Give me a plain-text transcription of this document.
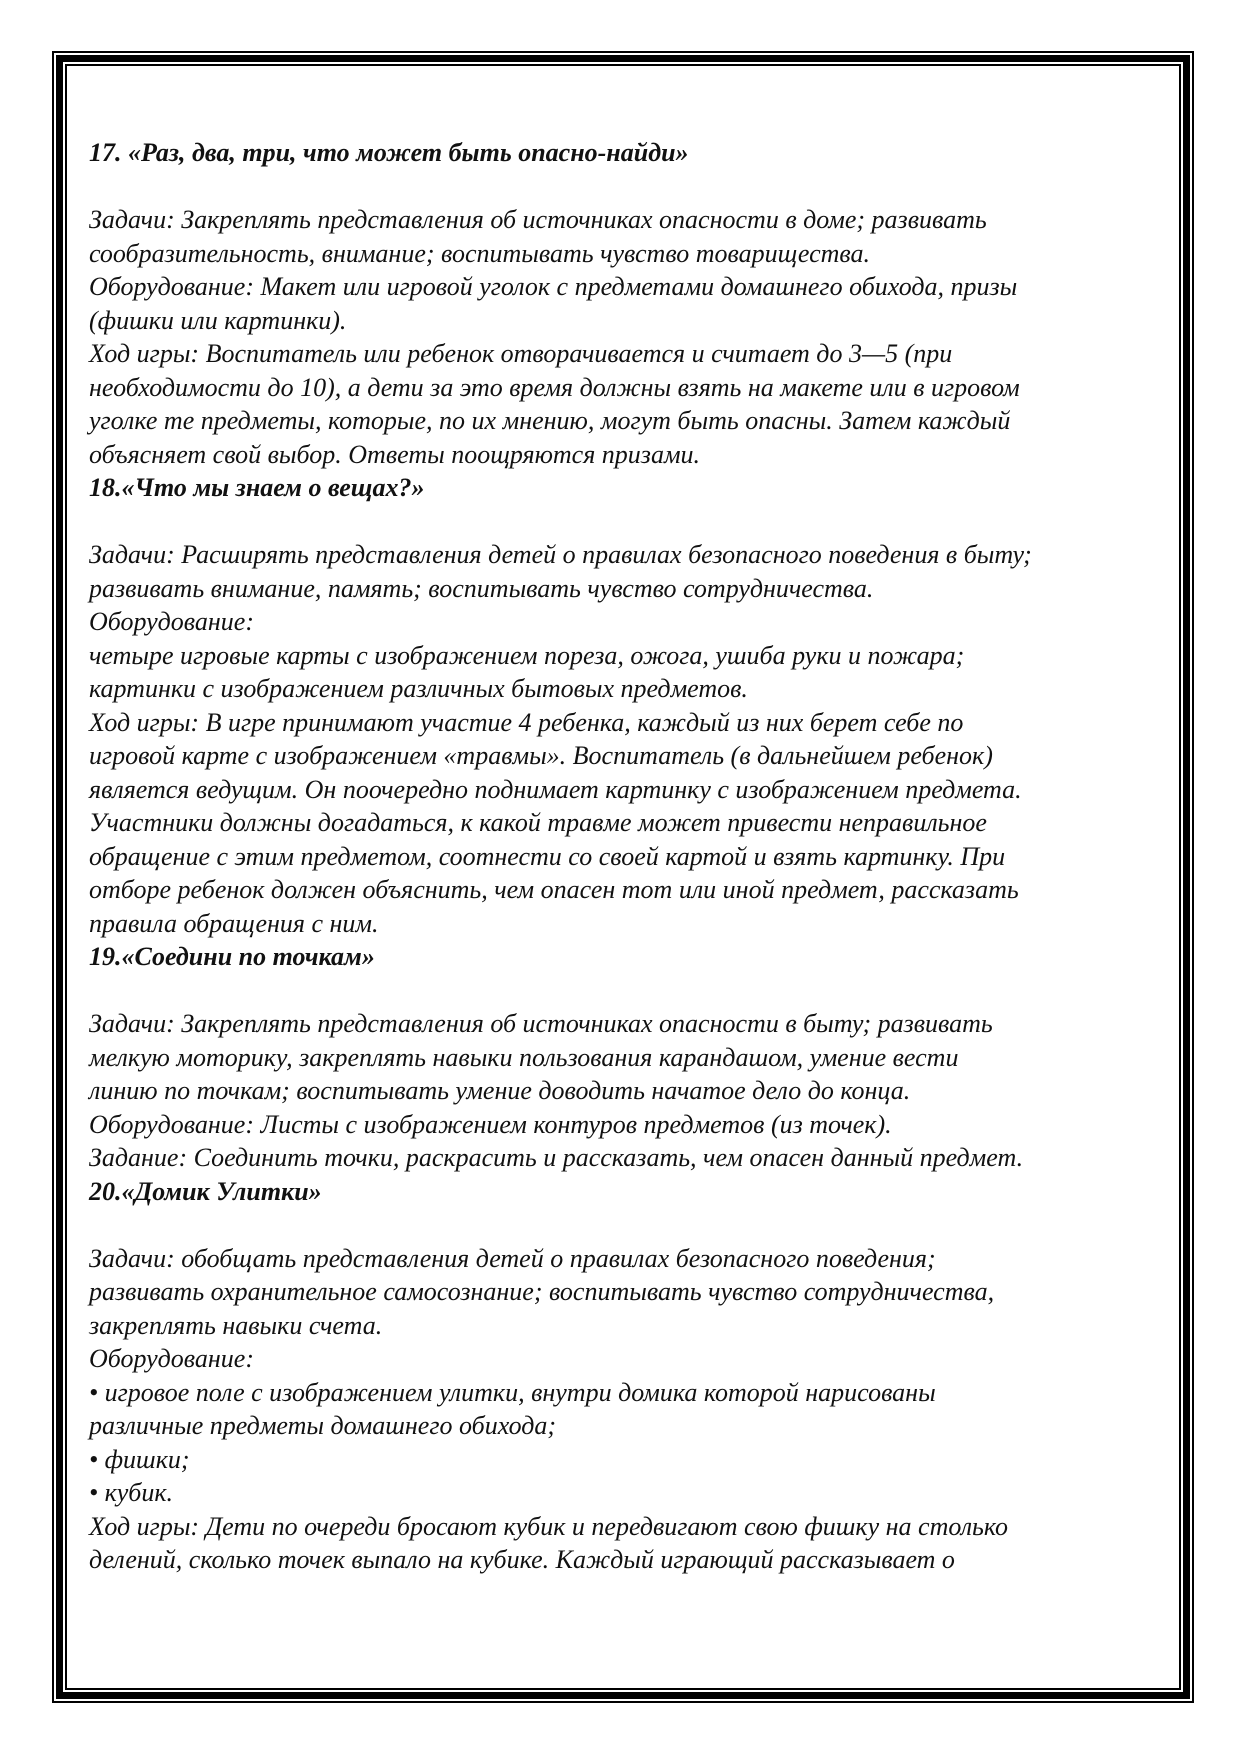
17. «Раз, два, три, что может быть опасно-найди»
Задачи: Закреплять представления об источниках опасности в доме; развивать
сообразительность, внимание; воспитывать чувство товарищества.
Оборудование: Макет или игровой уголок с предметами домашнего обихода, призы
(фишки или картинки).
Ход игры: Воспитатель или ребенок отворачивается и считает до 3—5 (при
необходимости до 10), а дети за это время должны взять на макете или в игровом
уголке те предметы, которые, по их мнению, могут быть опасны. Затем каждый
объясняет свой выбор. Ответы поощряются призами.
18.«Что мы знаем о вещах?»
Задачи: Расширять представления детей о правилах безопасного поведения в быту;
развивать внимание, память; воспитывать чувство сотрудничества.
Оборудование:
четыре игровые карты с изображением пореза, ожога, ушиба руки и пожара;
картинки с изображением различных бытовых предметов.
Ход игры: В игре принимают участие 4 ребенка, каждый из них берет себе по
игровой карте с изображением «травмы». Воспитатель (в дальнейшем ребенок)
является ведущим. Он поочередно поднимает картинку с изображением предмета.
Участники должны догадаться, к какой травме может привести неправильное
обращение с этим предметом, соотнести со своей картой и взять картинку. При
отборе ребенок должен объяснить, чем опасен тот или иной предмет, рассказать
правила обращения с ним.
19.«Соедини по точкам»
Задачи: Закреплять представления об источниках опасности в быту; развивать
мелкую моторику, закреплять навыки пользования карандашом, умение вести
линию по точкам; воспитывать умение доводить начатое дело до конца.
Оборудование: Листы с изображением контуров предметов (из точек).
Задание: Соединить точки, раскрасить и рассказать, чем опасен данный предмет.
20.«Домик Улитки»
Задачи: обобщать представления детей о правилах безопасного поведения;
развивать охранительное самосознание; воспитывать чувство сотрудничества,
закреплять навыки счета.
Оборудование:
• игровое поле с изображением улитки, внутри домика которой нарисованы
различные предметы домашнего обихода;
• фишки;
• кубик.
Ход игры: Дети по очереди бросают кубик и передвигают свою фишку на столько
делений, сколько точек выпало на кубике. Каждый играющий рассказывает о
